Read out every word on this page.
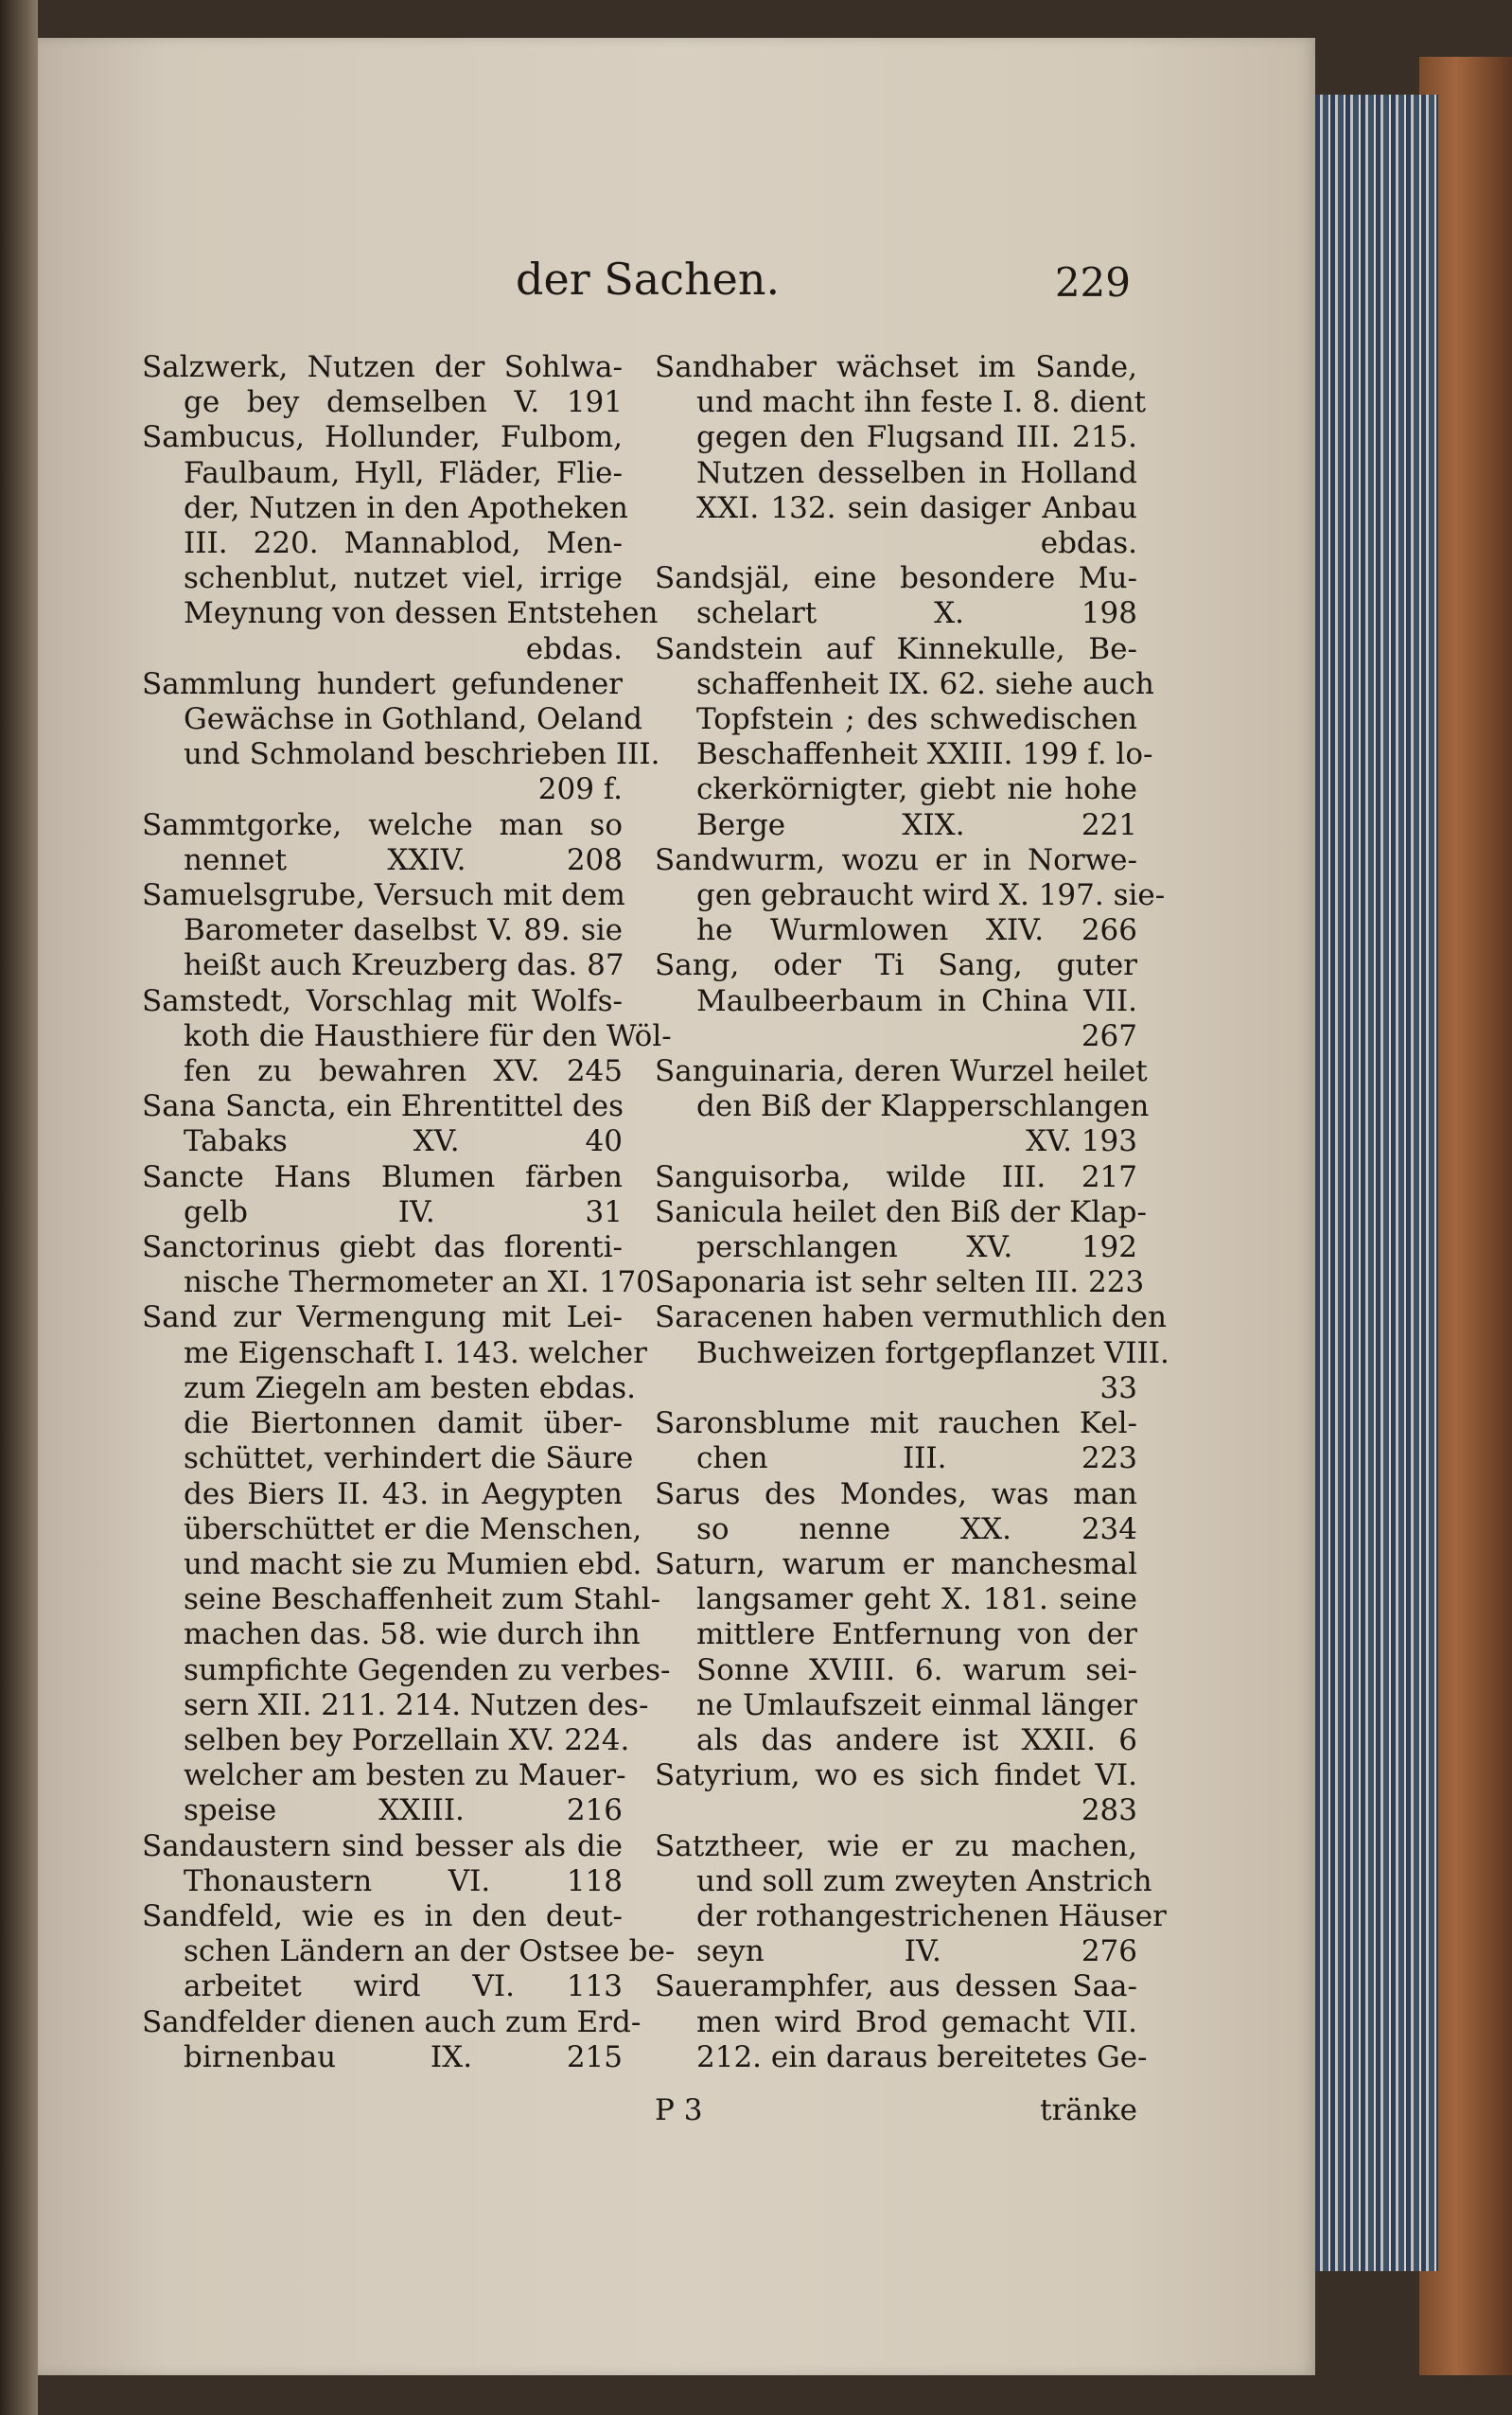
der Sachen.	229
Salzwerk, Nutzen der Sohlwa-
ge bey demselben V. 191
Sambucus, Hollunder, Fulbom,
Faulbaum, Hyll, Fläder, Flie-
der, Nutzen in den Apotheken
III. 220. Mannablod, Men-
schenblut, nutzet viel, irrige
Meynung von dessen Entstehen
ebdas.
Sammlung hundert gefundener
Gewächse in Gothland, Oeland
und Schmoland beschrieben III.
209 f.
Sammtgorke, welche man so
nennet XXIV. 208
Samuelsgrube, Versuch mit dem
Barometer daselbst V. 89. sie
heißt auch Kreuzberg das. 87
Samstedt, Vorschlag mit Wolfs-
koth die Hausthiere für den Wöl-
fen zu bewahren XV. 245
Sana Sancta, ein Ehrentittel des
Tabaks XV. 40
Sancte Hans Blumen färben
gelb IV. 31
Sanctorinus giebt das florenti-
nische Thermometer an XI. 170
Sand zur Vermengung mit Lei-
me Eigenschaft I. 143. welcher
zum Ziegeln am besten ebdas.
die Biertonnen damit über-
schüttet, verhindert die Säure
des Biers II. 43. in Aegypten
überschüttet er die Menschen,
und macht sie zu Mumien ebd.
seine Beschaffenheit zum Stahl-
machen das. 58. wie durch ihn
sumpfichte Gegenden zu verbes-
sern XII. 211. 214. Nutzen des-
selben bey Porzellain XV. 224.
welcher am besten zu Mauer-
speise XXIII. 216
Sandaustern sind besser als die
Thonaustern VI. 118
Sandfeld, wie es in den deut-
schen Ländern an der Ostsee be-
arbeitet wird VI. 113
Sandfelder dienen auch zum Erd-
birnenbau IX. 215
Sandhaber wächset im Sande,
und macht ihn feste I. 8. dient
gegen den Flugsand III. 215.
Nutzen desselben in Holland
XXI. 132. sein dasiger Anbau
ebdas.
Sandsjäl, eine besondere Mu-
schelart X. 198
Sandstein auf Kinnekulle, Be-
schaffenheit IX. 62. siehe auch
Topfstein ; des schwedischen
Beschaffenheit XXIII. 199 f. lo-
ckerkörnigter, giebt nie hohe
Berge XIX. 221
Sandwurm, wozu er in Norwe-
gen gebraucht wird X. 197. sie-
he Wurmlowen XIV. 266
Sang, oder Ti Sang, guter
Maulbeerbaum in China VII.
267
Sanguinaria, deren Wurzel heilet
den Biß der Klapperschlangen
XV. 193
Sanguisorba, wilde III. 217
Sanicula heilet den Biß der Klap-
perschlangen XV. 192
Saponaria ist sehr selten III. 223
Saracenen haben vermuthlich den
Buchweizen fortgepflanzet VIII.
33
Saronsblume mit rauchen Kel-
chen III. 223
Sarus des Mondes, was man
so nenne XX. 234
Saturn, warum er manchesmal
langsamer geht X. 181. seine
mittlere Entfernung von der
Sonne XVIII. 6. warum sei-
ne Umlaufszeit einmal länger
als das andere ist XXII. 6
Satyrium, wo es sich findet VI.
283
Satztheer, wie er zu machen,
und soll zum zweyten Anstrich
der rothangestrichenen Häuser
seyn IV. 276
Saueramphfer, aus dessen Saa-
men wird Brod gemacht VII.
212. ein daraus bereitetes Ge-
P 3	tränke
